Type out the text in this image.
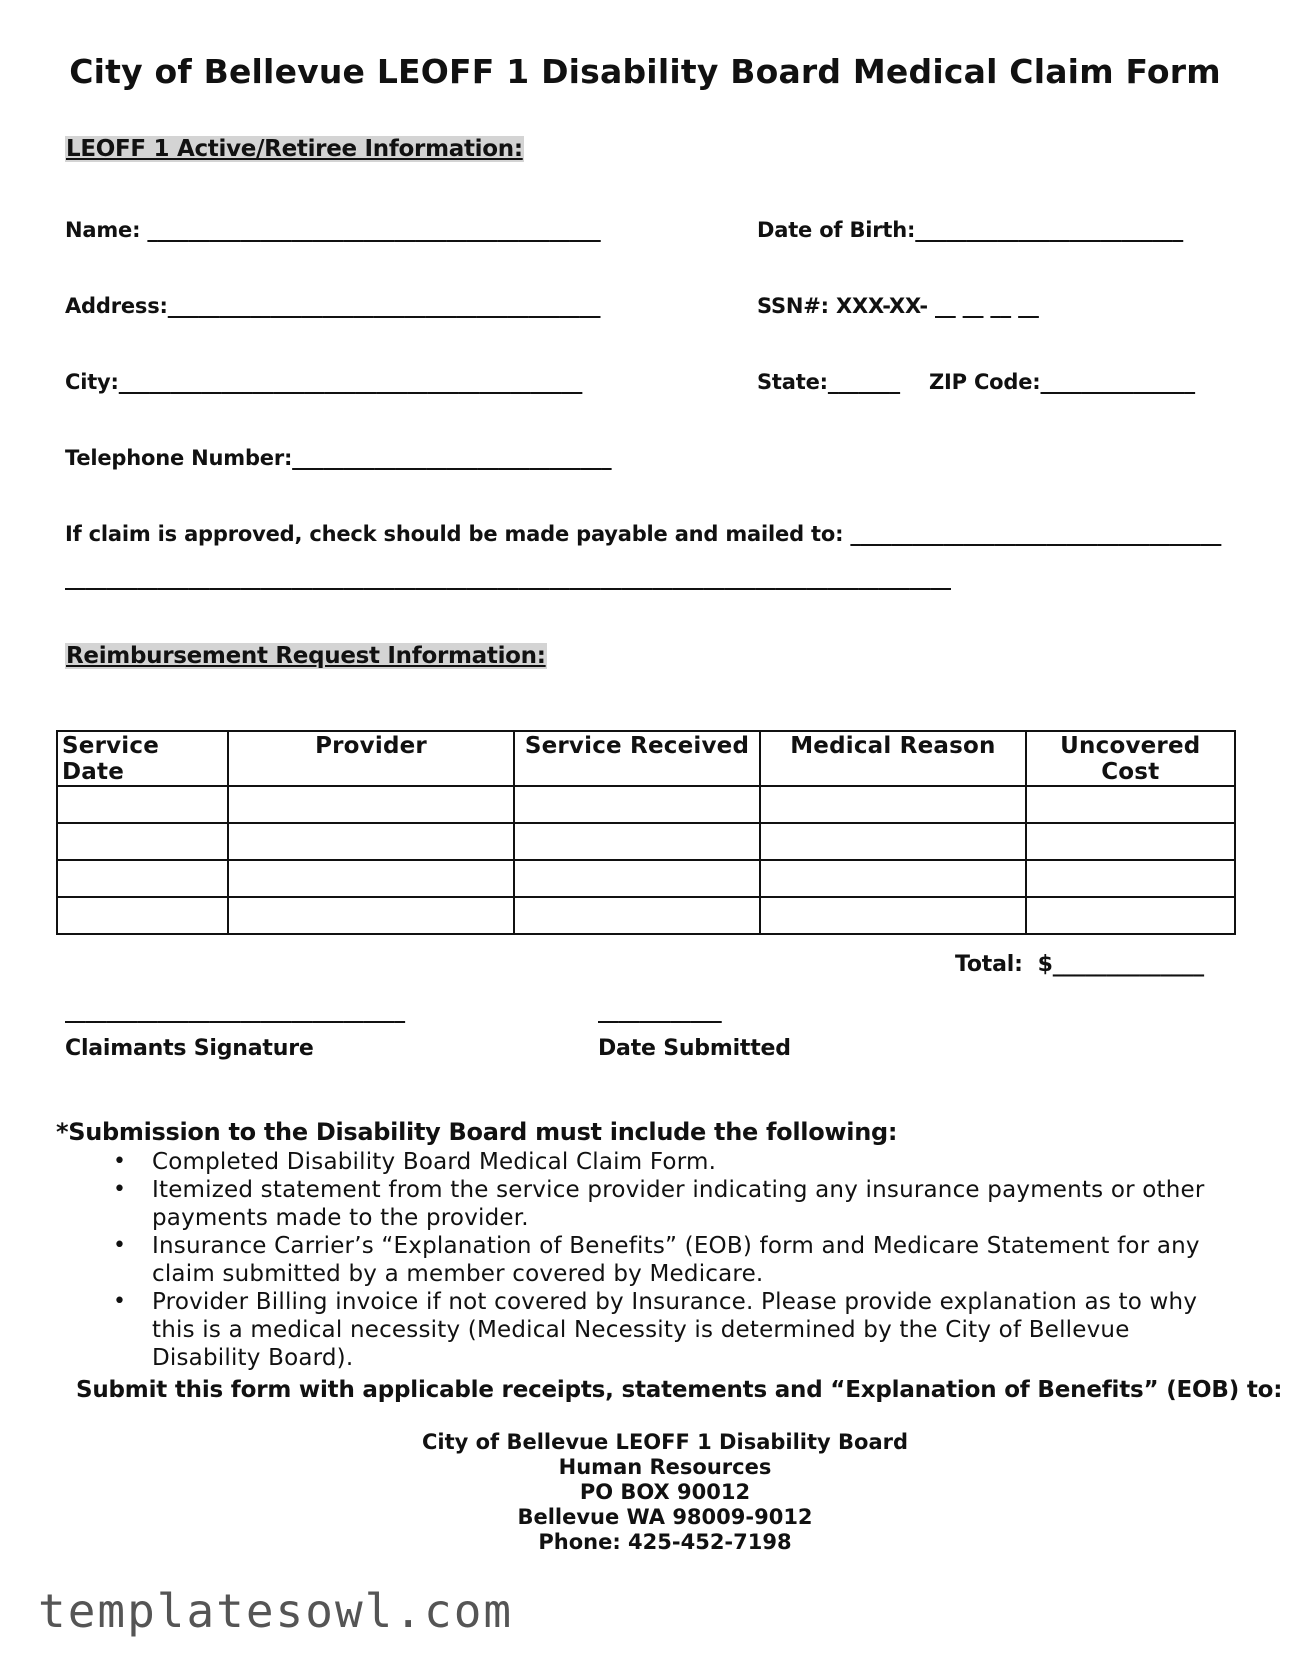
City of Bellevue LEOFF 1 Disability Board Medical Claim Form
LEOFF 1 Active/Retiree Information:
Name: ____________________________________________	Date of Birth:__________________________
Address:__________________________________________	SSN#: XXX-XX- __ __ __ __
City:_____________________________________________	State:_______ ZIP Code:_______________
Telephone Number:_______________________________
If claim is approved, check should be made payable and mailed to: ____________________________________
______________________________________________________________________________________
Reimbursement Request Information:
Service Date	Provider	Service Received	Medical Reason	Uncovered Cost

Total:  $______________
_________________________________	____________
Claimants Signature	Date Submitted
*Submission to the Disability Board must include the following:
• Completed Disability Board Medical Claim Form.
• Itemized statement from the service provider indicating any insurance payments or other payments made to the provider.
• Insurance Carrier’s “Explanation of Benefits” (EOB) form and Medicare Statement for any claim submitted by a member covered by Medicare.
• Provider Billing invoice if not covered by Insurance. Please provide explanation as to why this is a medical necessity (Medical Necessity is determined by the City of Bellevue Disability Board).
Submit this form with applicable receipts, statements and “Explanation of Benefits” (EOB) to:
City of Bellevue LEOFF 1 Disability Board
Human Resources
PO BOX 90012
Bellevue WA 98009-9012
Phone: 425-452-7198
templatesowl.com
